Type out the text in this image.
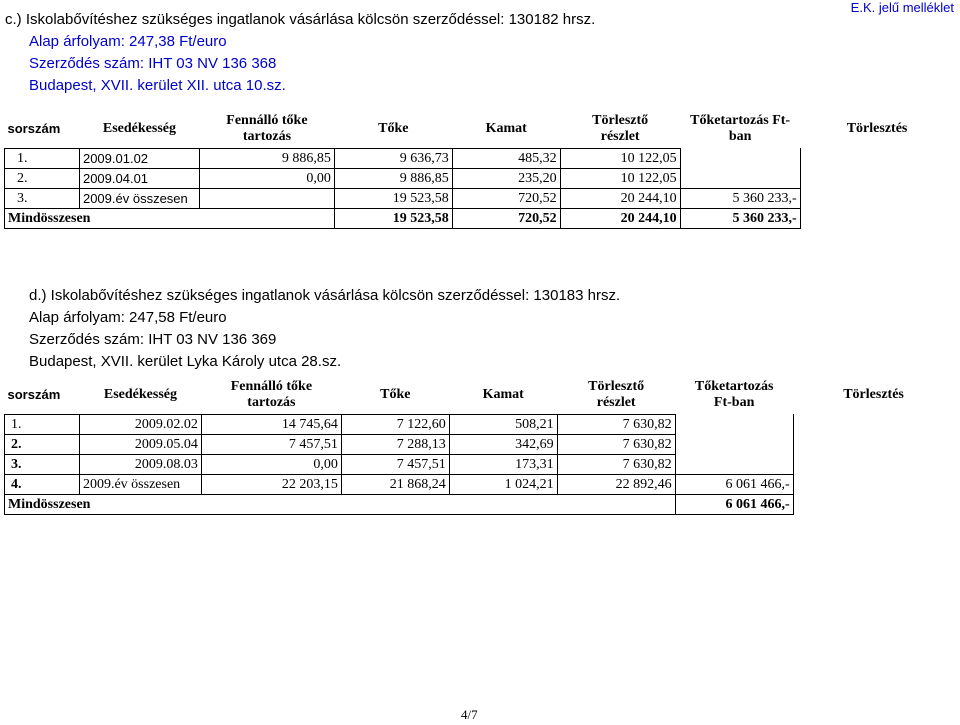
E.K. jelű melléklet
c.) Iskolabővítéshez szükséges ingatlanok vásárlása kölcsön szerződéssel: 130182 hrsz.
Alap árfolyam: 247,38 Ft/euro
Szerződés szám: IHT 03 NV 136 368
Budapest, XVII. kerület XII. utca 10.sz.
sorszám	Esedékesség	Fennálló tőke tartozás	Tőke	Kamat	Törlesztő részlet	Tőketartozás Ft-ban	Törlesztés
1.	2009.01.02	9 886,85	9 636,73	485,32	10 122,05		
2.	2009.04.01	0,00	9 886,85	235,20	10 122,05		
3.	2009.év összesen		19 523,58	720,52	20 244,10	5 360 233,-	
Mindösszesen			19 523,58	720,52	20 244,10	5 360 233,-	
d.) Iskolabővítéshez szükséges ingatlanok vásárlása kölcsön szerződéssel: 130183 hrsz.
Alap árfolyam: 247,58 Ft/euro
Szerződés szám: IHT 03 NV 136 369
Budapest, XVII. kerület Lyka Károly utca 28.sz.
sorszám	Esedékesség	Fennálló tőke tartozás	Tőke	Kamat	Törlesztő részlet	Tőketartozás Ft-ban	Törlesztés
1.	2009.02.02	14 745,64	7 122,60	508,21	7 630,82		
2.	2009.05.04	7 457,51	7 288,13	342,69	7 630,82		
3.	2009.08.03	0,00	7 457,51	173,31	7 630,82		
4.	2009.év összesen	22 203,15	21 868,24	1 024,21	22 892,46	6 061 466,-	
Mindösszesen						6 061 466,-	
4/7
